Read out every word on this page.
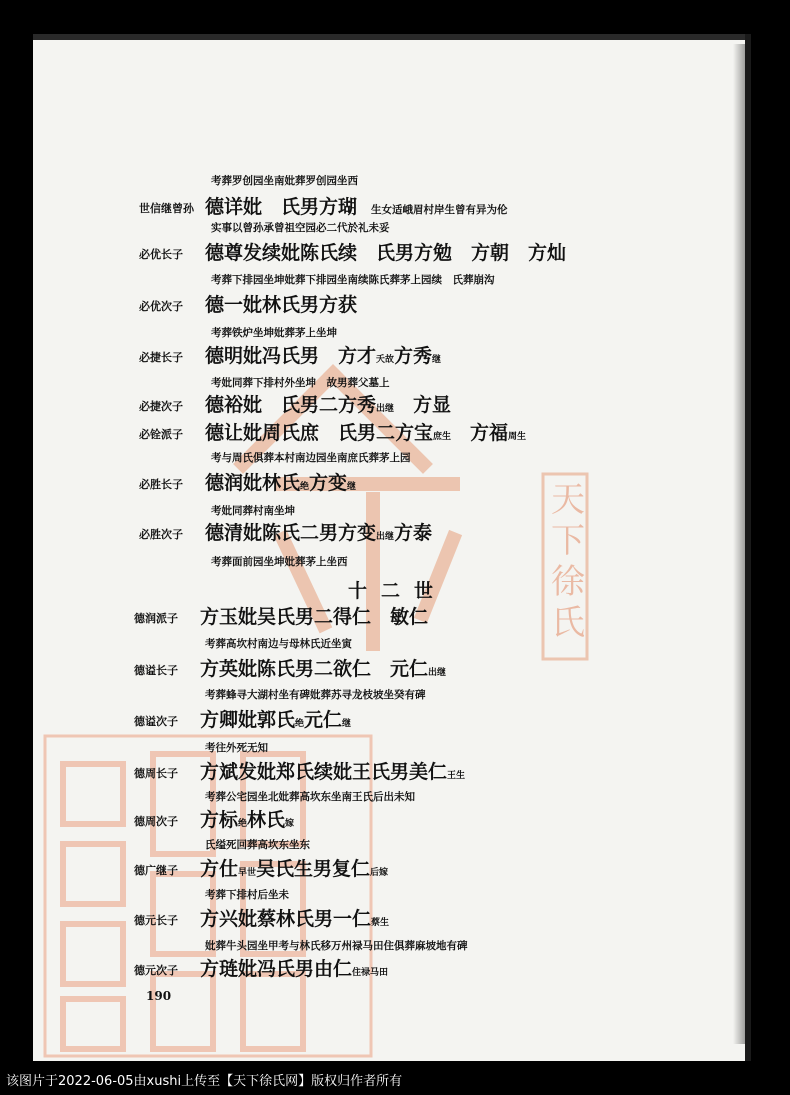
天下徐氏
考葬罗创园坐南妣葬罗创园坐西
世信继曾孙 德详妣　氏男方瑚 生女适峨眉村岸生曾有异为伦
实事以曾孙承曾祖空园必二代於礼未妥
必优长子 德尊发续妣陈氏续　氏男方勉　方朝　方灿
考葬下排园坐坤妣葬下排园坐南续陈氏葬茅上园续　氏葬崩沟
必优次子 德一妣林氏男方获
考葬铁炉坐坤妣葬茅上坐坤
必捷长子 德明妣冯氏男　方才夭故方秀继
考妣同葬下排村外坐坤　故男葬父墓上
必捷次子 德裕妣　氏男二方秀出继　方显
必铨派子 德让妣周氏庶　氏男二方宝庶生　方福周生
考与周氏俱葬本村南边园坐南庶氏葬茅上园
必胜长子 德润妣林氏绝方变继
考妣同葬村南坐坤
必胜次子 德清妣陈氏二男方变出继方泰
考葬面前园坐坤妣葬茅上坐西
十二世
德润派子 方玉妣吴氏男二得仁　敏仁
考葬高坎村南边与母林氏近坐寅
德谥长子 方英妣陈氏男二欲仁　元仁出继
考葬蜂寻大湖村坐有碑妣葬苏寻龙枝坡坐癸有碑
德谥次子 方卿妣郭氏绝元仁继
考往外死无知
德周长子 方斌发妣郑氏续妣王氏男美仁王生
考葬公宅园坐北妣葬高坎东坐南王氏后出未知
德周次子 方标绝林氏嫁
氏缢死回葬高坎东坐东
德广继子 方仕早世吴氏生男复仁后嫁
考葬下排村后坐未
德元长子 方兴妣蔡林氏男一仁蔡生
妣葬牛头园坐甲考与林氏移万州禄马田住俱葬麻坡地有碑
德元次子 方琏妣冯氏男由仁住禄马田
190
该图片于2022-06-05由xushi上传至【天下徐氏网】版权归作者所有
